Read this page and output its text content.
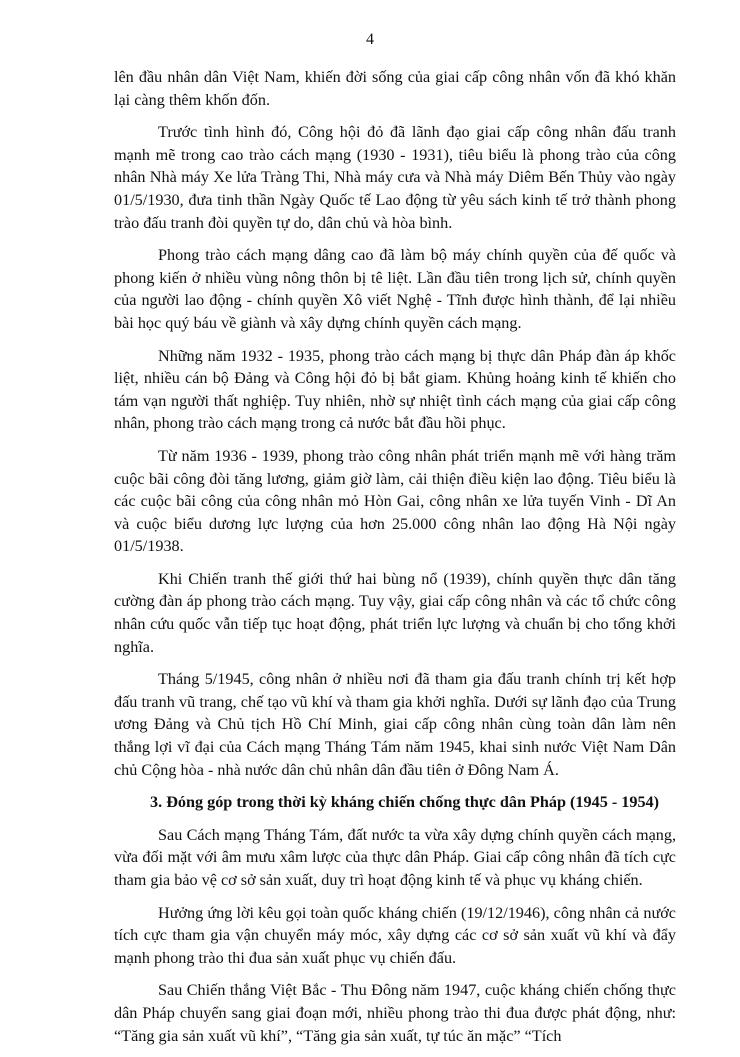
4

lên đầu nhân dân Việt Nam, khiến đời sống của giai cấp công nhân vốn đã khó khăn lại càng thêm khốn đốn.

Trước tình hình đó, Công hội đỏ đã lãnh đạo giai cấp công nhân đấu tranh mạnh mẽ trong cao trào cách mạng (1930 - 1931), tiêu biểu là phong trào của công nhân Nhà máy Xe lửa Tràng Thi, Nhà máy cưa và Nhà máy Diêm Bến Thủy vào ngày 01/5/1930, đưa tinh thần Ngày Quốc tế Lao động từ yêu sách kinh tế trở thành phong trào đấu tranh đòi quyền tự do, dân chủ và hòa bình.

Phong trào cách mạng dâng cao đã làm bộ máy chính quyền của đế quốc và phong kiến ở nhiều vùng nông thôn bị tê liệt. Lần đầu tiên trong lịch sử, chính quyền của người lao động - chính quyền Xô viết Nghệ - Tĩnh được hình thành, để lại nhiều bài học quý báu về giành và xây dựng chính quyền cách mạng.

Những năm 1932 - 1935, phong trào cách mạng bị thực dân Pháp đàn áp khốc liệt, nhiều cán bộ Đảng và Công hội đỏ bị bắt giam. Khủng hoảng kinh tế khiến cho tám vạn người thất nghiệp. Tuy nhiên, nhờ sự nhiệt tình cách mạng của giai cấp công nhân, phong trào cách mạng trong cả nước bắt đầu hồi phục.

Từ năm 1936 - 1939, phong trào công nhân phát triển mạnh mẽ với hàng trăm cuộc bãi công đòi tăng lương, giảm giờ làm, cải thiện điều kiện lao động. Tiêu biểu là các cuộc bãi công của công nhân mỏ Hòn Gai, công nhân xe lửa tuyến Vinh - Dĩ An và cuộc biểu dương lực lượng của hơn 25.000 công nhân lao động Hà Nội ngày 01/5/1938.

Khi Chiến tranh thế giới thứ hai bùng nổ (1939), chính quyền thực dân tăng cường đàn áp phong trào cách mạng. Tuy vậy, giai cấp công nhân và các tổ chức công nhân cứu quốc vẫn tiếp tục hoạt động, phát triển lực lượng và chuẩn bị cho tổng khởi nghĩa.

Tháng 5/1945, công nhân ở nhiều nơi đã tham gia đấu tranh chính trị kết hợp đấu tranh vũ trang, chế tạo vũ khí và tham gia khởi nghĩa. Dưới sự lãnh đạo của Trung ương Đảng và Chủ tịch Hồ Chí Minh, giai cấp công nhân cùng toàn dân làm nên thắng lợi vĩ đại của Cách mạng Tháng Tám năm 1945, khai sinh nước Việt Nam Dân chủ Cộng hòa - nhà nước dân chủ nhân dân đầu tiên ở Đông Nam Á.

3. Đóng góp trong thời kỳ kháng chiến chống thực dân Pháp (1945 - 1954)

Sau Cách mạng Tháng Tám, đất nước ta vừa xây dựng chính quyền cách mạng, vừa đối mặt với âm mưu xâm lược của thực dân Pháp. Giai cấp công nhân đã tích cực tham gia bảo vệ cơ sở sản xuất, duy trì hoạt động kinh tế và phục vụ kháng chiến.

Hưởng ứng lời kêu gọi toàn quốc kháng chiến (19/12/1946), công nhân cả nước tích cực tham gia vận chuyển máy móc, xây dựng các cơ sở sản xuất vũ khí và đẩy mạnh phong trào thi đua sản xuất phục vụ chiến đấu.

Sau Chiến thắng Việt Bắc - Thu Đông năm 1947, cuộc kháng chiến chống thực dân Pháp chuyển sang giai đoạn mới, nhiều phong trào thi đua được phát động, như: “Tăng gia sản xuất vũ khí”, “Tăng gia sản xuất, tự túc ăn mặc” “Tích
